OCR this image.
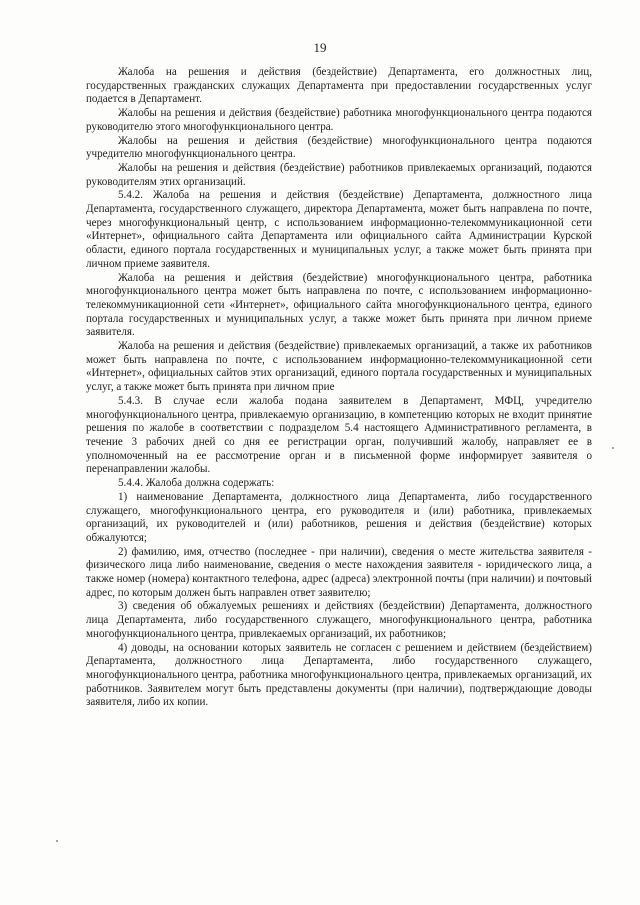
19

Жалоба на решения и действия (бездействие) Департамента, его должностных лиц, государственных гражданских служащих Департамента при предоставлении государственных услуг подается в Департамент.

Жалобы на решения и действия (бездействие) работника многофункционального центра подаются руководителю этого многофункционального центра.

Жалобы на решения и действия (бездействие) многофункционального центра подаются учредителю многофункционального центра.

Жалобы на решения и действия (бездействие) работников привлекаемых организаций, подаются руководителям этих организаций.

5.4.2. Жалоба на решения и действия (бездействие) Департамента, должностного лица Департамента, государственного служащего, директора Департамента, может быть направлена по почте, через многофункциональный центр, с использованием информационно-телекоммуникационной сети «Интернет», официального сайта Департамента или официального сайта Администрации Курской области, единого портала государственных и муниципальных услуг, а также может быть принята при личном приеме заявителя.

Жалоба на решения и действия (бездействие) многофункционального центра, работника многофункционального центра может быть направлена по почте, с использованием информационно-телекоммуникационной сети «Интернет», официального сайта многофункционального центра, единого портала государственных и муниципальных услуг, а также может быть принята при личном приеме заявителя.

Жалоба на решения и действия (бездействие) привлекаемых организаций, а также их работников может быть направлена по почте, с использованием информационно-телекоммуникационной сети «Интернет», официальных сайтов этих организаций, единого портала государственных и муниципальных услуг, а также может быть принята при личном прие

5.4.3. В случае если жалоба подана заявителем в Департамент, МФЦ, учредителю многофункционального центра, привлекаемую организацию, в компетенцию которых не входит принятие решения по жалобе в соответствии с подразделом 5.4 настоящего Административного регламента, в течение 3 рабочих дней со дня ее регистрации орган, получивший жалобу, направляет ее в уполномоченный на ее рассмотрение орган и в письменной форме информирует заявителя о перенаправлении жалобы.

5.4.4. Жалоба должна содержать:

1) наименование Департамента, должностного лица Департамента, либо государственного служащего, многофункционального центра, его руководителя и (или) работника, привлекаемых организаций, их руководителей и (или) работников, решения и действия (бездействие) которых обжалуются;

2) фамилию, имя, отчество (последнее - при наличии), сведения о месте жительства заявителя - физического лица либо наименование, сведения о месте нахождения заявителя - юридического лица, а также номер (номера) контактного телефона, адрес (адреса) электронной почты (при наличии) и почтовый адрес, по которым должен быть направлен ответ заявителю;

3) сведения об обжалуемых решениях и действиях (бездействии) Департамента, должностного лица Департамента, либо государственного служащего, многофункционального центра, работника многофункционального центра, привлекаемых организаций, их работников;

4) доводы, на основании которых заявитель не согласен с решением и действием (бездействием) Департамента, должностного лица Департамента, либо государственного служащего, многофункционального центра, работника многофункционального центра, привлекаемых организаций, их работников. Заявителем могут быть представлены документы (при наличии), подтверждающие доводы заявителя, либо их копии.
